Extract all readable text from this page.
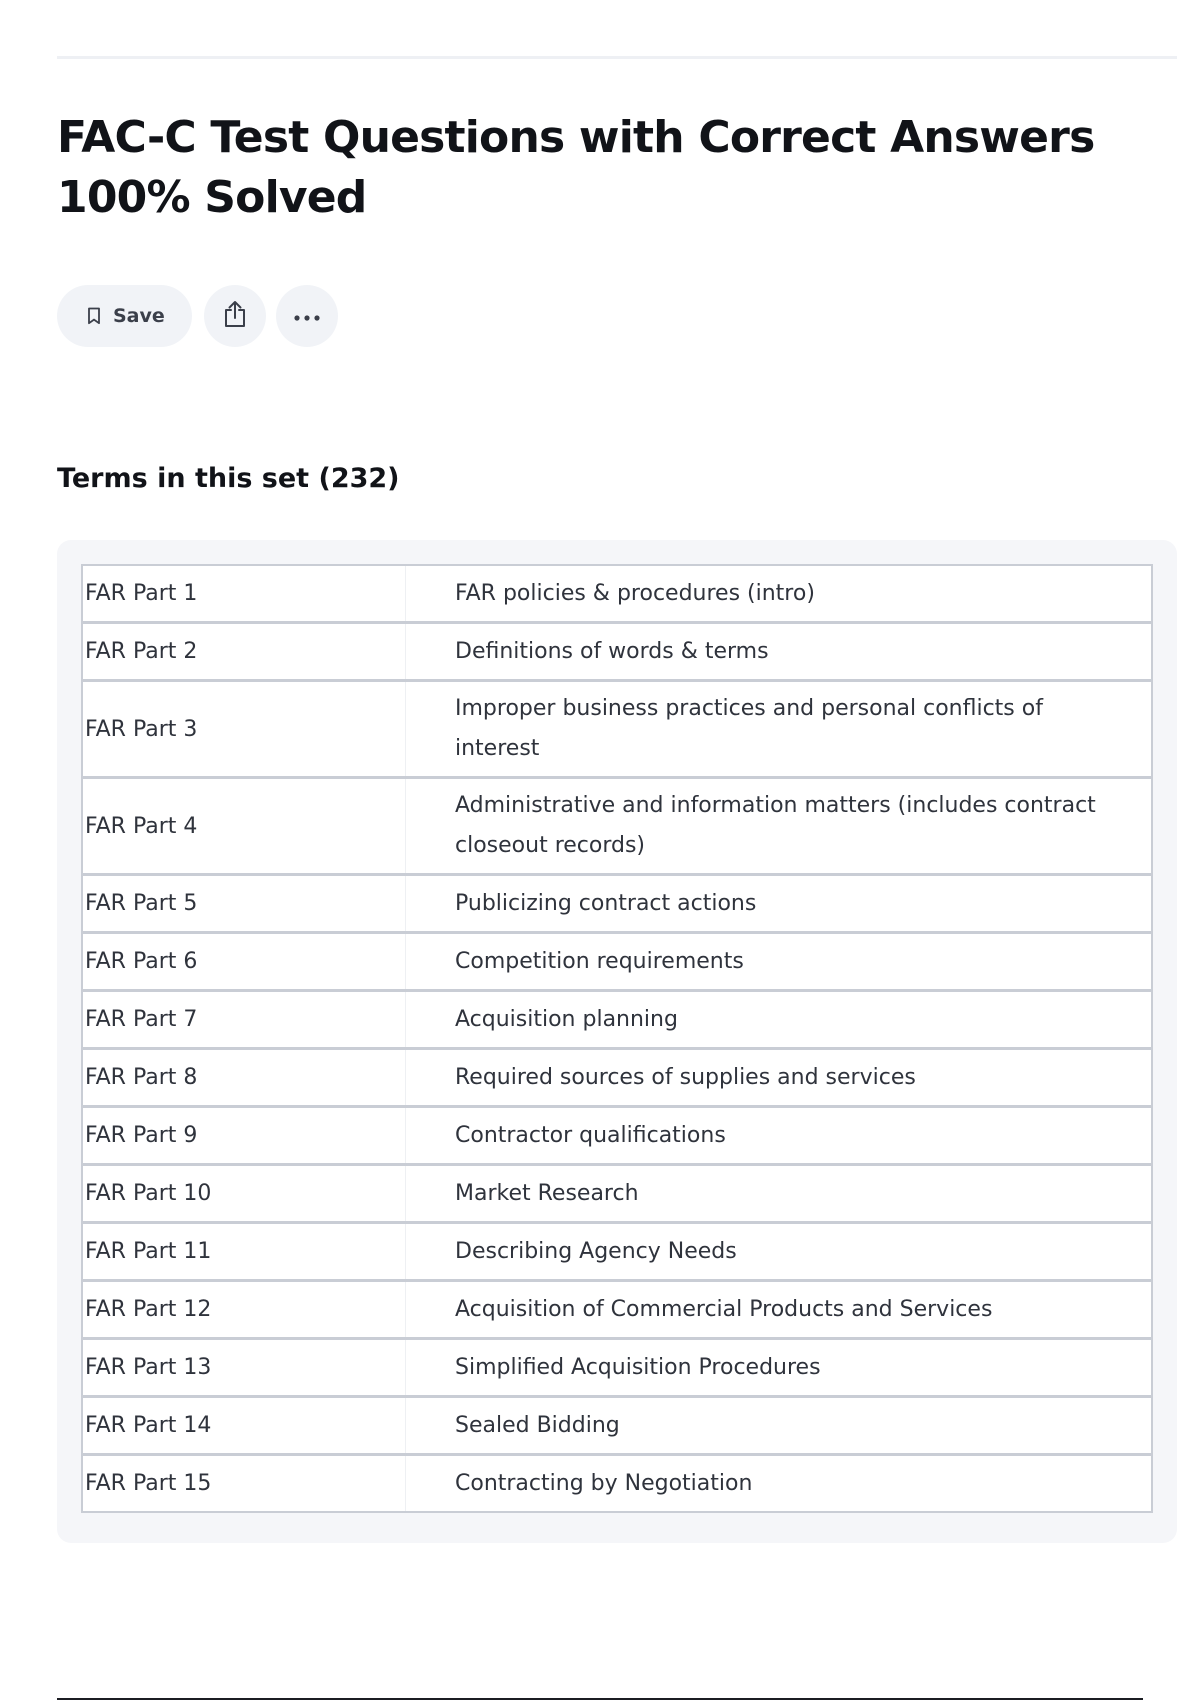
FAC-C Test Questions with Correct Answers 100% Solved
Save
Terms in this set (232)
FAR Part 1	FAR policies & procedures (intro)
FAR Part 2	Definitions of words & terms
FAR Part 3	Improper business practices and personal conflicts of interest
FAR Part 4	Administrative and information matters (includes contract closeout records)
FAR Part 5	Publicizing contract actions
FAR Part 6	Competition requirements
FAR Part 7	Acquisition planning
FAR Part 8	Required sources of supplies and services
FAR Part 9	Contractor qualifications
FAR Part 10	Market Research
FAR Part 11	Describing Agency Needs
FAR Part 12	Acquisition of Commercial Products and Services
FAR Part 13	Simplified Acquisition Procedures
FAR Part 14	Sealed Bidding
FAR Part 15	Contracting by Negotiation
